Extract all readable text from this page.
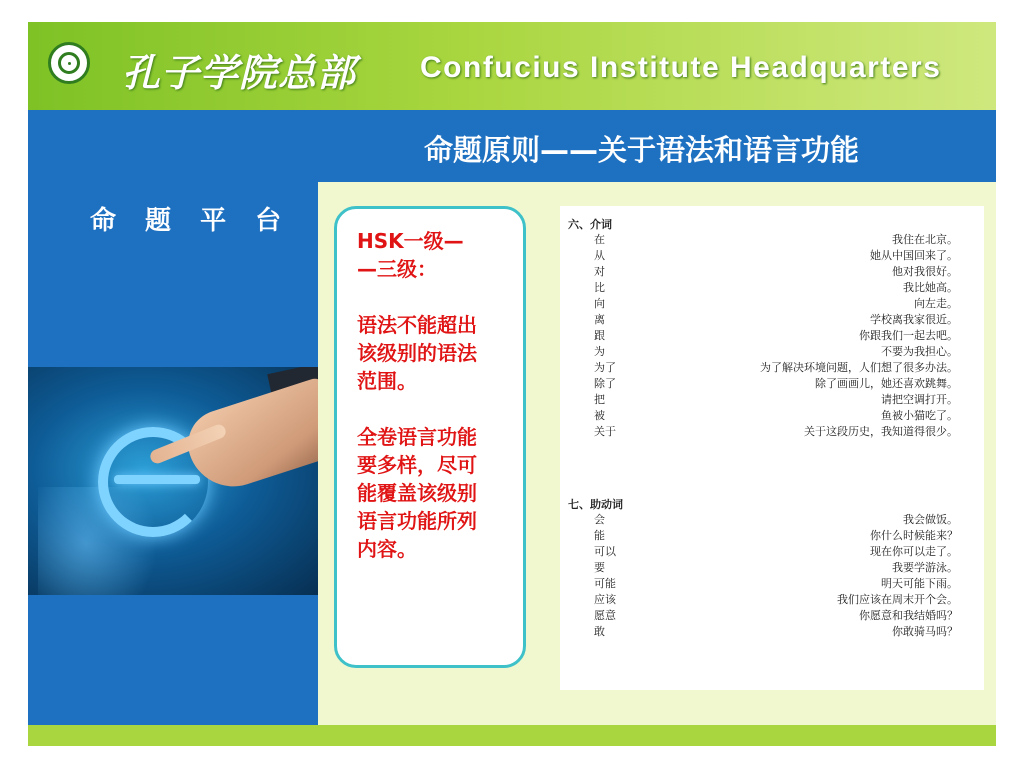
孔子学院总部 Confucius Institute Headquarters
命题原则——关于语法和语言功能
命 题 平 台

HSK一级—

—三级：

语法不能超出

该级别的语法

范围。

全卷语言功能

要多样，尽可

能覆盖该级别

语言功能所列

内容。

六、介词
七、助动词
在	我住在北京。
从	她从中国回来了。
对	他对我很好。
比	我比她高。
向	向左走。
离	学校离我家很近。
跟	你跟我们一起去吧。
为	不要为我担心。
为了	为了解决环境问题，人们想了很多办法。
除了	除了画画儿，她还喜欢跳舞。
把	请把空调打开。
被	鱼被小猫吃了。
关于	关于这段历史，我知道得很少。
会	我会做饭。
能	你什么时候能来？
可以	现在你可以走了。
要	我要学游泳。
可能	明天可能下雨。
应该	我们应该在周末开个会。
愿意	你愿意和我结婚吗？
敢	你敢骑马吗？
